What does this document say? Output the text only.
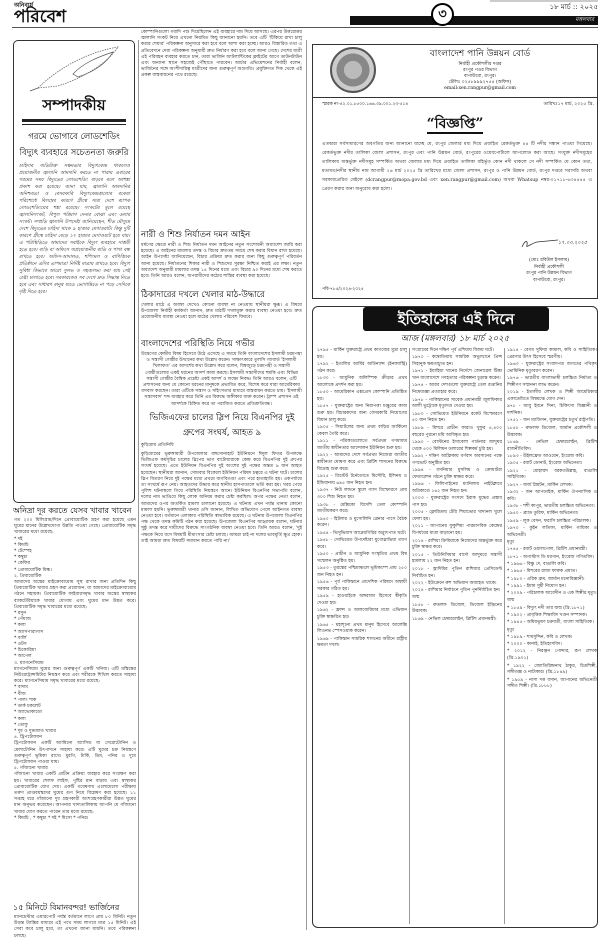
অনিবার্য
পরিবেশ	৩	১৮ মার্চ :: ২০২৫
মঙ্গলবার
সম্পাদকীয়
গরমে ভোগাবে লোডশেডিং
বিদ্যুৎ ব্যবহারে সচেতনতা জরুরি
চাহিদার অতিরিক্ত সক্ষমতার বিদ্যুৎকেন্দ্র থাকলেও প্রয়োজনীয় জ্বালানি আমদানি করতে না পারায় এবারের গরমের সময় বিদ্যুতের লোডশেডিং বাড়বে বলে আশঙ্কা প্রকাশ করা হয়েছে। জানা যায়, জ্বালানি আমদানির অনিশ্চয়তা ও বেসরকারি বিদ্যুৎকেন্দ্রগুলোর বকেয়া পরিশোধে বিলম্বের কারণে গ্রীষ্মে সারা দেশে ব্যাপক লোডশেডিংয়ের শঙ্কা রয়েছে। সংকটের মূলে রয়েছে জ্বালানিসংকট, বিপুল পরিমাণ দেনার বোঝা এবং ডলার সংকট। সম্প্রতি জ্বালানি উপদেষ্টা জানিয়েছেন, শীত মৌসুমে দেশে বিদ্যুতের চাহিদা থাকে ৯ হাজার মেগাওয়াট। কিন্তু দুটি কারণে গ্রীষ্মে চাহিদা বেড়ে ১৭ হাজার মেগাওয়াট হয়ে যায়। এ পরিস্থিতিতে আমাদের সবাইকে বিদ্যুৎ ব্যবহারে সাশ্রয়ী হতে হবে। বাড়ি বা অফিসে অপ্রয়োজনীয় বাতি ও পাখা বন্ধ রাখতে হবে। অফিস-আদালত, শপিংমল ও বাণিজ্যিক প্রতিষ্ঠানে এসির তাপমাত্রা নির্দিষ্ট মাত্রায় রাখতে হবে। বিদ্যুৎ সুবিধা কিভাবে আরো সুলভ ও সহজলভ্য করা যায় সেই চেষ্টা চালাতে হবে। সরকারকেও সব দেখে দ্রুত সিদ্ধান্ত নিতে হবে এবং সাধারণ মানুষ যাতে ভোগান্তিতে না পড়ে সেদিকে দৃষ্টি দিতে হবে।
অনিদ্রা দূর করতে যেসব খাবার খাবেন

গত ২০০ মিলিগ্রাম/দিনে প্রোবায়োটিক গ্রহণ করা হয়েছে এমন ঘুমের মানের উল্লেখযোগ্য উন্নতি পাওয়া গেছে। প্রোবায়োটিক সমৃদ্ধ খাবারের মধ্যে রয়েছে:

* দই

* কিমচি

* টেম্পেহ

* কম্বুচা

* কেফির

* প্রোবায়োটিক মিল্ক।

২. প্রিবায়োটিক

আমাদের অন্ত্রের মাইক্রোবায়োম সুস্থ রাখার জন্য প্রতিদিন কিছু প্রিবায়োটিক খাবার গ্রহণ করা প্রয়োজন, যা আমাদের মাইক্রোবায়োম গঠনে সহায়ক। প্রিবায়োটিক ফাইবারসমৃদ্ধ খাবার অন্ত্রের স্বাস্থ্যকর ব্যাকটেরিয়াকে খাবার যোগায় এবং ঘুমের মান উন্নত করে। প্রিবায়োটিক সমৃদ্ধ খাবারের মধ্যে রয়েছে:

* রসুন

* পেঁয়াজ

* কলা

* অ্যাসপারাগাস

* বার্লি

* ওটস

* চিকোরিয়া

* আপেল

৩. ম্যাগনেসিয়াম

ম্যাগনেসিয়াম ঘুমের জন্য গুরুত্বপূর্ণ একটি খনিজ। এটি মস্তিষ্কের নিউরোট্রান্সমিটার নিয়ন্ত্রণ করে এবং শরীরকে শিথিল করতে সাহায্য করে। ম্যাগনেসিয়াম সমৃদ্ধ খাবারের মধ্যে রয়েছে:

* বাদাম

* বীজ

* পালং শাক

* ডার্ক চকলেট

* অ্যাভোকাডো

* কলা

* তোফু

* দুধ ও দুগ্ধজাত খাবার

৪. ট্রিপটোফ্যান

ট্রিপটোফ্যান একটি অ্যামিনো অ্যাসিড যা সেরোটোনিন ও মেলাটোনিন উৎপাদনে সাহায্য করে। এটি ঘুমের চক্র নিয়ন্ত্রণে গুরুত্বপূর্ণ ভূমিকা রাখে। মুরগি, টার্কি, ডিম, পনির ও দুধে ট্রিপটোফ্যান পাওয়া যায়।

৫. গাঁজানো খাবার

গাঁজানো খাবার একটি প্রাচীন প্রক্রিয়া ব্যবহার করে সংরক্ষণ করা হয়। খাবারের শেলফ লাইফ, পুষ্টির মান বাড়ায় এবং স্বাস্থ্যকর প্রোবায়োটিক যোগ দেয়। একটি গবেষণায় এলোমেলো পরীক্ষায় তরুণ প্রাপ্তবয়স্কদের ঘুমের গুণ নিয়ে বিশ্লেষণ করা হয়েছে। ১১ সপ্তাহ ধরে গাঁজানো দুধ গ্রহণকারী অংশগ্রহণকারীরা উন্নত ঘুমের মান অনুভব করেছেন। আপনার খাদ্যতালিকায় আপনি যে গাঁজানো খাবার যোগ করতে পারেন তার মধ্যে রয়েছে:

* কিমচি , * কম্বুচা * দই * মিসো * পনির।

১৫ মিনিটে বিমানবন্দর! ভার্জিনের
ম্যানচেস্টার এয়ারপোর্ট পর্যন্ত বর্তমানে লাগে প্রায় ৮০ মিনিট। নতুন উড়ন্ত ট্যাক্সির মাধ্যমে এই পথে সময় লাগবে মাত্র ১৫ মিনিট। এই সেবা কবে চালু হবে, তা এখনো জানা যায়নি। তবে পরিকল্পনা চলছে।
কোম্পানিগুলো গবাদি পশু দিয়েছিলেন এই ব্যবহারে দাম দিয়ে আসছে। এরপর উত্তরোত্তর জ্বালানি সংকট নিয়ে এখনো নিয়মিত কিছু জানানো হয়নি। তবে এটি 'টিকিয়ে রাখা চালু করার শেয়ার' পরিকল্পনা অনুসারে করা হবে বলে আশা করা হচ্ছে। আরও বিস্তারিত তথ্য এ প্রতিবেদনে দেয়া পরিকল্পনা অনুযায়ী দ্রুত নির্ধারণ করা হবে বলে জানা গেছে। দেশের যাত্রী এই পরিবহন ব্যবহার করতে চান, তারা ভার্জিন আটলান্টিকের ফ্লাইটের আগে ডাউনটাউন এবং অন্যান্য স্থানে সহজেই পৌঁছাতে পারবেন। আর্চার এভিয়েশনের নির্বাহী বলেন, ভার্জিনের সঙ্গে অংশীদারিত্ব যাত্রীদের জন্য গুরুত্বপূর্ণ অগ্রগতি। প্রযুক্তিগত দিক থেকে এই প্রকল্প বাস্তবায়নের পথে রয়েছে।
নারী ও শিশু নির্যাতন দমন আইন
ধর্ষণের ক্ষেত্রে নারী ও শিশু নির্যাতন দমন আইনের নতুন সংশোধনী অধ্যাদেশ জারি করা হয়েছে। এ আইনের মামলার তদন্ত ও বিচার দ্রুততম সময়ে শেষ করার বিধান রাখা হয়েছে। আইন উপদেষ্টা জানিয়েছেন, বিচার প্রক্রিয়া দ্রুত করার জন্য কিছু গুরুত্বপূর্ণ পরিবর্তন আনা হয়েছে। নির্যাতনের শিকার নারী ও শিশুদের সুরক্ষা নিশ্চিত করাই এর লক্ষ্য। নতুন অধ্যাদেশ অনুযায়ী মামলার তদন্ত ১৫ দিনের মধ্যে এবং বিচার ৯০ দিনের মধ্যে শেষ করতে হবে। তিনি আরও বলেন, অপরাধীদের কঠোর শাস্তির ব্যবস্থা করা হয়েছে।
ঠিকাদারের দখলে খেলার মাঠ-উদ্ধারে
খেলার মাঠে এ অবস্থা দেখেও কোনো ব্যবস্থা না নেওয়ায় স্থানীয়রা ক্ষুব্ধ। এ বিষয়ে উপজেলা নির্বাহী কর্মকর্তা জানান, দ্রুত মাঠটি দখলমুক্ত করার ব্যবস্থা নেওয়া হবে। দ্রুত প্রয়োজনীয় ব্যবস্থা নেওয়া হলে মাঠের খেলার পরিবেশ ফিরবে।
বাংলাদেশের পরিস্থিতি নিয়ে গভীর
উদ্বেগের কেন্দ্রীয় বিষয় হিসেবে উঠে এসেছে এ সময়ে তিনি বাংলাদেশের ইসলামী চরমপন্থা ও সন্ত্রাসী গোষ্ঠীর উত্থানের কথা উল্লেখ করেন। সাক্ষাৎকারে তুলসি গ্যাবার্ড 'ইসলামী খিলাফত' এর আদর্শের কথা উল্লেখ করে বলেন, বিশ্বজুড়ে চরমপন্থী ও সন্ত্রাসী গোষ্ঠীগুলোর একই ধরনের আদর্শ কাজ করছে। ইসলামী সন্ত্রাসীদের হুমকি এবং বিভিন্ন সন্ত্রাসী গোষ্ঠীর বৈশ্বিক প্রচেষ্টা একই আদর্শ ও লক্ষ্যে নিবদ্ধ। তিনি আরও বলেন, এটি প্রশাসনের জন্য যে কোনো ধরনের মানুষকে প্রভাবিত করে, বিশেষ করে যারা আমেরিকায় বসবাস করছেন। তারা এটিকে সন্ত্রাস ও সহিংসতার মাধ্যমে বাস্তবায়ন করতে চায়। 'ইসলামী সন্ত্রাসবাদ' শব্দ ব্যবহার করে তিনি এর বিরুদ্ধে অঙ্গীকার ব্যক্ত করেন। ট্রাম্প প্রশাসন এই আদর্শকে চিহ্নিত করে তা পরাজিত করতে প্রতিশ্রুতিবদ্ধ।
ভিজিএফের চালের স্লিপ নিয়ে বিএনপির দুই
গ্রুপের সংঘর্ষ, আহত ৯
কুড়িগ্রাম প্রতিনিধি
কুড়িগ্রামের ভূরুঙ্গামারী উপজেলার বঙ্গসোনাহাট ইউনিয়নে ঈদুল ফিতর উপলক্ষে ভিজিএফ কর্মসূচির চালের স্লিপের ভাগ বাটোয়ারাকে কেন্দ্র করে বিএনপির দুই গ্রুপের সংঘর্ষ হয়েছে। এতে ইউনিয়ন বিএনপির দুই অংশের দুই পক্ষের অন্তত ৯ জন আহত হয়েছেন। স্থানীয়রা জানান, সোমবার বিকেলে ইউনিয়ন পরিষদ চত্বরে এ ঘটনা ঘটে। চালের স্লিপ বিতরণ নিয়ে দুই পক্ষের মধ্যে প্রথমে বাগবিতণ্ডা এবং পরে হাতাহাতি হয়। একপর্যায়ে তা সংঘর্ষে রূপ নেয়। আহতদের উদ্ধার করে স্থানীয় হাসপাতালে ভর্তি করা হয়। খবর পেয়ে পুলিশ ঘটনাস্থলে গিয়ে পরিস্থিতি নিয়ন্ত্রণে আনে। ইউনিয়ন বিএনপির সভাপতি বলেন, দলের নাম ভাঙিয়ে কিছু লোক অনিয়ম করার চেষ্টা করছিল। অপর পক্ষের নেতা বলেন, আমাদের ওপর অতর্কিত হামলা চালানো হয়েছে। এ ঘটনায় এখন পর্যন্ত থানায় কোনো মামলা হয়নি। ভূরুঙ্গামারী থানার ওসি জানান, লিখিত অভিযোগ পেলে আইনগত ব্যবস্থা নেওয়া হবে। বর্তমানে এলাকার পরিস্থিতি স্বাভাবিক রয়েছে। এ ঘটনায় উপজেলা বিএনপির পক্ষ থেকে তদন্ত কমিটি গঠন করা হয়েছে। উপজেলা বিএনপির আহ্বায়ক বলেন, ঘটনার সুষ্ঠু তদন্ত করে দায়ীদের বিরুদ্ধে সাংগঠনিক ব্যবস্থা নেওয়া হবে। তিনি আরও বলেন, 'দুই পক্ষকে নিয়ে বসে বিষয়টি মীমাংসার চেষ্টা চলছে। আমরা চাই না দলের ভাবমূর্তি ক্ষুণ্ণ হোক। তাই আমরা দ্রুত বিষয়টি সমাধান করতে পারি না।'
বাংলাদেশ পানি উন্নয়ন বোর্ড
নির্বাহী প্রকৌশলীর দপ্তর
রংপুর পওর বিভাগ
বাপাউবো, রংপুর।
টেলিঃ ০২৫৮৯৯৯২৭৫৪ (অফিস)
email:xen.rangpur@gmail.com
স্মারক নং-৪২.০১.৮৫০০.১৬৬.৩৯.০০১.২৩-৫১৪	তারিখঃ১৭ মার্চ, ২০২৫ খ্রি.
“বিজ্ঞপ্তি”
এতদ্বারা সর্বসাধারণের অবগতির জন্য জানানো যাচ্ছে যে, রংপুর জেলার মধ্য দিয়ে প্রবাহিত রেকর্ডভুক্ত ৪৪ টি নদীর সন্ধান পাওয়া গিয়েছে। রেকর্ডভুক্ত নদীর তালিকা জেলা প্রশাসন, রংপুর এবং পানি উন্নয়ন বোর্ড, রংপুরের ওয়েবপোর্টালে আপলোড করা আছে। সংযুক্ত নদীসমূহের তালিকায় অন্তর্ভুক্ত নদীসমূহ সম্পর্কিত অথবা জেলার মধ্য দিয়ে প্রবাহিত তালিকা বহির্ভূত কোন নদী থাকলে সে নদী সম্পর্কিত যে কোন তথ্য, মতামত/নদীর স্থানীয় নাম আগামী ২৬ মার্চ ২০২৫ খ্রি তারিখের মধ্যে জেলা প্রশাসন, রংপুর ও পানি উন্নয়ন বোর্ড, রংপুর দপ্তরে সরাসরি অথবা সরকারপ্রেরিত মেইলে (dcrangpur@mopa.gov.bd এবং xen.rangpur@gmail.com) অথবা Whatsup নম্বর-০১৭১৮-৬৩৪৪৪৪ এ প্রেরণ করার জন্য অনুরোধ করা হলো।
১৭.০৩.২০২৫
(মোঃ রবিউল ইসলাম)
নির্বাহী প্রকৌশলী
রংপুর পানি উন্নয়ন বিভাগ
বাপাউবো, রংপুর।
পবি-৭৮৫/২০২৪-২০২৫
ইতিহাসের এই দিনে
আজ (মঙ্গলবার) ১৮ মার্চ ২০২৫

১৭৯৫ - মার্কিন যুক্তরাষ্ট্রে প্রথম কাগজের মুদ্রা চালু হয়।

১৭৯২ - ইতালির আর্মির অর্ডিন্যান্স (ইনফ্যান্ট্রি) গঠন করে।

১৮৩০ - আধুনিক অলিম্পিক ক্রীড়ার প্রথম আলোকে প্রদর্শন করা হয়।

১৮৫০ - আমেরিকান এক্সপ্রেস কোম্পানি প্রতিষ্ঠিত হয়।

১৮৫৭ - যুক্তরাষ্ট্রের জন্য নিরাপত্তা মঞ্জুরের কাজ শুরু হয়। বিচারকদের জন্য বেসরকারি নিয়োগের বিধান চালু করে।

১৯০৫ - সিয়াটলের জন্য প্রথম বাড়ির আর্কিনো কেবল তৈরি করে।

১৯১১ - পত্রিকাগুলোতে সর্বপ্রথম গণমাধ্যম জাতীয় স্বাধীনতার আন্দোলন ইউনিয়ন শুরু হয়।

১৯২২ - আমাদের দেশে সর্বপ্রথম নিজেরা জাতীয় স্বাধীনতা ঘোষণা করে এবং ব্রিটিশ শাসনের বিরুদ্ধে বিদ্রোহ শুরু করে।

১৯২৫ - ত্রিস্টেট টর্নেডোতে মিসৌরি, ইলিনয় ও ইন্ডিয়ানায় ৬৯৫ জন নিহত হন।

১৯৩৭ - নিউ লন্ডনে স্কুলে গ্যাস বিস্ফোরণে প্রায় ৩০০ শিশু নিহত হয়।

১৯৩৮ - মেক্সিকো বিদেশি তেল কোম্পানি জাতীয়করণ করে।

১৯৪০ - হিটলার ও মুসোলিনি ব্রেনার পাসে বৈঠক করেন।

১৯৪৪ - ভিসুভিয়াস আগ্নেয়গিরির অগ্ন্যুৎপাত ঘটে।

১৯৪৮ - সোভিয়েত উপদেষ্টারা যুগোস্লাভিয়া ত্যাগ করে।

১৯৫০ - প্রাচীন ও আধুনিক সংস্কৃতির প্রথম বিশ্ব সম্মেলন অনুষ্ঠিত হয়।

১৯৫৩ - তুরস্কের পশ্চিমাঞ্চলে ভূমিকম্পে প্রায় ২৫০ জন নিহত হন।

১৯৫৬ - পূর্ব পাকিস্তানে প্রাদেশিক পরিষদে অস্থায়ী সরকার গঠিত হয়।

১৯৫৯ - হাওয়াইকে অঙ্গরাজ্য হিসেবে স্বীকৃতি দেওয়া হয়।

১৯৬২ - ফ্রান্স ও আলজেরিয়ার মধ্যে এভিয়ান চুক্তি স্বাক্ষরিত হয়।

১৯৬৫ - মহাশূন্যে প্রথম মানুষ হিসেবে আলেক্সি লিওনভ স্পেসওয়াক করেন।

১৯৬৯ - পাকিস্তান সামরিক শাসনের অধীনে রাষ্ট্রীয় ক্ষমতা দখল।

সংগ্রামের দিনে দক্ষিণ পূর্ব এশিয়ায় বিজয় ঘটে।

১৯৭০ - কম্বোডিয়ায় সামরিক অভ্যুত্থানে প্রিন্স সিহানুক ক্ষমতাচ্যুত হন।

১৯৭১ - ইয়াহিয়া খানের নির্দেশে জেনারেল টিক্কা খান বাংলাদেশে গণহত্যার পরিকল্পনা চূড়ান্ত করেন।

১৯৭৪ - আরব দেশগুলো যুক্তরাষ্ট্রে তেল রপ্তানির নিষেধাজ্ঞা প্রত্যাহার করে।

১৯৭৮ - পাকিস্তানের সাবেক প্রধানমন্ত্রী জুলফিকার আলী ভুট্টোকে মৃত্যুদণ্ড দেওয়া হয়।

১৯৮০ - সোভিয়েত ইউনিয়নে রকেট বিস্ফোরণে ৫০ জন নিহত হন।

১৯৮৯ - মিশরে প্রাচীন ফারাও খুফুর ৪,৪০০ বছরের পুরনো মমি আবিষ্কৃত হয়।

১৯৯০ - বোস্টনের ইসাবেলা গার্ডনার জাদুঘর থেকে ৫০০ মিলিয়ন ডলারের শিল্পকর্ম চুরি হয়।

১৯৯২ - দক্ষিণ আফ্রিকায় বর্ণবাদ অবসানের পক্ষে গণভোট অনুষ্ঠিত হয়।

১৯৯৪ - বসনিয়ার মুসলিম ও ক্রোয়াটরা ফেডারেশন গঠনে চুক্তি স্বাক্ষর করে।

১৯৯৬ - ফিলিপাইনের ম্যানিলায় নাইটক্লাবে অগ্নিকাণ্ডে ১৬২ জন নিহত হন।

২০০৩ - যুক্তরাষ্ট্রের সংসদে ইরাক যুদ্ধের প্রস্তাব পাস হয়।

২০০৫ - ফ্লোরিডায় টেরি শিয়াভোর খাদ্যনল খুলে ফেলা হয়।

২০১১ - জাপানের ফুকুশিমা পারমাণবিক কেন্দ্রের বিপর্যয়ের মাত্রা বাড়ানো হয়।

২০১৪ - রাশিয়া ক্রিমিয়াকে নিজেদের অন্তর্ভুক্ত করে চুক্তি স্বাক্ষর করে।

২০১৫ - তিউনিসিয়ার বার্দো জাদুঘরে সন্ত্রাসী হামলায় ২২ জন নিহত হন।

২০১৮ - ভ্লাদিমির পুতিন রাশিয়ার প্রেসিডেন্ট নির্বাচিত হন।

২০২২ - ইউক্রেনে রুশ অভিযান অব্যাহত থাকে।

২০২৪ - রাশিয়ার নির্বাচনে পুতিন পুনর্নির্বাচিত হন।

জন্ম

১৮৫৮ - রুডলফ ডিজেল, ডিজেল ইঞ্জিনের উদ্ভাবক।

১৮৬৯ - নেভিল চেম্বারলেইন, ব্রিটিশ প্রধানমন্ত্রী।

১৯১৪ - বেগম সুফিয়া কামাল, কবি ও সাহিত্যিক। প্রেরণার উৎস হিসেবে স্মরণীয়।

১৯৬৩ - যুক্তরাষ্ট্রের সংবাদপত্র জগতের পথিকৃৎ ভোমিনিক মৃত্যুবরণ করেন।

১৯৭৬ - ভারতীয় বাংলাভাষী চলচ্চিত্র নির্মাতা ও শিল্পীগণ সম্মাননা লাভ করেন।

২০১৯ - ইতালীয় লেখক ও শিল্পী আমেরিকার একাডেমিতে বিশ্বমঞ্চে যোগ দেন।

৯৭৮ - আবু ইবনে সিনা, চিকিৎসা বিজ্ঞানী ও দার্শনিক।

১৭৫১ - জন ম্যাডিসন, যুক্তরাষ্ট্রের চতুর্থ রাষ্ট্রপতি।

১৮৫৮ - রুডলফ ডিজেল, জার্মান প্রকৌশলী ও উদ্ভাবক।

১৮৬৯ - নেভিল চেম্বারলেইন, ব্রিটিশ রাজনীতিবিদ।

১৮৯৩ - উইলফ্রেড আওয়েন, ইংরেজ কবি।

১৯০৫ - রবার্ট ডোনাট, ইংরেজ অভিনেতা।

১৯২১ - মোহাম্মদ বরকতউল্লাহ, বাঙালি সাহিত্যিক।

১৯২৭ - জর্জ প্লিমটন, মার্কিন লেখক।

১৯৩২ - জন আপডাইক, মার্কিন ঔপন্যাসিক ও কবি।

১৯৩৮ - শশী কাপুর, ভারতীয় চলচ্চিত্র অভিনেতা।

১৯৫০ - ব্র্যাড ডুরিফ, মার্কিন অভিনেতা।

১৯৫৯ - লুক বেসন, ফরাসি চলচ্চিত্র পরিচালক।

১৯৭০ - কুইন লতিফা, মার্কিন গায়িকা ও অভিনেত্রী।

মৃত্যু

১৭৪৫ - রবার্ট ওয়ালপোল, ব্রিটিশ প্রধানমন্ত্রী।

১৮৭১ - অগাস্টাস ডি মরগান, ইংরেজ গণিতবিদ।

* ১৯৬৬ - বিষ্ণু দে, বাঙালি কবি।

* ১৯৬৫ - মিশরের রাজা ফারুক প্রয়াত।

* ১৯৮০ - এরিক ফ্রম, জার্মান মনোবিজ্ঞানী।

* ১৯৯১ - ইমাম সুর্মী নিয়োগ হন।

* ২০০৯ - পরিচালক আবেদীন ও এক শিল্পীর মৃত্যু।

জন্ম

* ১৮৫৯ - বিদ্যুৎ নদী তার জন্ম (খ্রি.১৮৭১)

* ১৯০২ - প্রাবৃত্তিক শিক্ষাবিদ খণ্ডন সম্পাদক।

* ১৯৪৫ - অমিয়ভূষণ চক্রবর্তী, বাংলা সাহিত্যিক।

মৃত্যু

* ১৯৮৯ - শামসুদ্দিন, কবি ও লেখক।

* ২০০০ - কানাই, ইতিহাসবিদ।

* ২০১২ - নিরঞ্জন পোদ্দার, রূপ লেখক (খ্রি.১৯০১)

* ১৯২২ - জ্যোতিরিন্দ্রনাথ ঠাকুর, চিত্রশিল্পী, সঙ্গীতজ্ঞ ও নাট্যকার। (খ্রি.১৮৪৯)

* ১৯৫৯ - নাসা দত্ত বসান, জাপানের অভিনেত্রী সঙ্গীত শিল্পী। (খ্রি.১৮৮৮)
